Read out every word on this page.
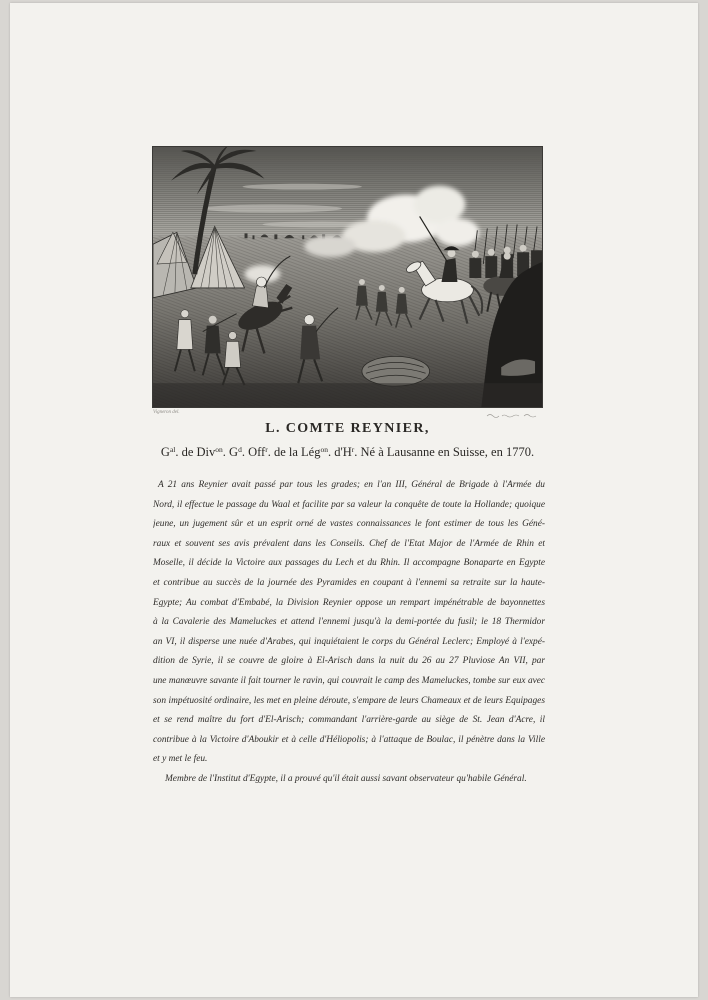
Vigneron del.
L. COMTE REYNIER,
$G^{al}$. de Div$^{on}$. $G^d$. Off$^r$. de la Lég$^{on}$. $d'H^r$. Né à Lausanne en Suisse, en 1770.
A 21 ans Reynier avait passé par tous les grades; en l'an III, Général de Brigade à l'Armée du
Nord, il effectue le passage du Waal et facilite par sa valeur la conquête de toute la Hollande; quoique
jeune, un jugement sûr et un esprit orné de vastes connaissances le font estimer de tous les Géné-
raux et souvent ses avis prévalent dans les Conseils. Chef de l'Etat Major de l'Armée de Rhin et
Moselle, il décide la Victoire aux passages du Lech et du Rhin. Il accompagne Bonaparte en Egypte
et contribue au succès de la journée des Pyramides en coupant à l'ennemi sa retraite sur la haute-
Egypte; Au combat d'Embabé, la Division Reynier oppose un rempart impénétrable de bayonnettes
à la Cavalerie des Mameluckes et attend l'ennemi jusqu'à la demi-portée du fusil; le 18 Thermidor
an VI, il disperse une nuée d'Arabes, qui inquiétaient le corps du Général Leclerc; Employé à l'expé-
dition de Syrie, il se couvre de gloire à El-Arisch dans la nuit du 26 au 27 Pluviose An VII, par
une manœuvre savante il fait tourner le ravin, qui couvrait le camp des Mameluckes, tombe sur eux avec
son impétuosité ordinaire, les met en pleine déroute, s'empare de leurs Chameaux et de leurs Equipages
et se rend maître du fort d'El-Arisch; commandant l'arrière-garde au siège de St. Jean d'Acre, il
contribue à la Victoire d'Aboukir et à celle d'Héliopolis; à l'attaque de Boulac, il pénètre dans la Ville
et y met le feu.
Membre de l'Institut d'Egypte, il a prouvé qu'il était aussi savant observateur qu'habile Général.
